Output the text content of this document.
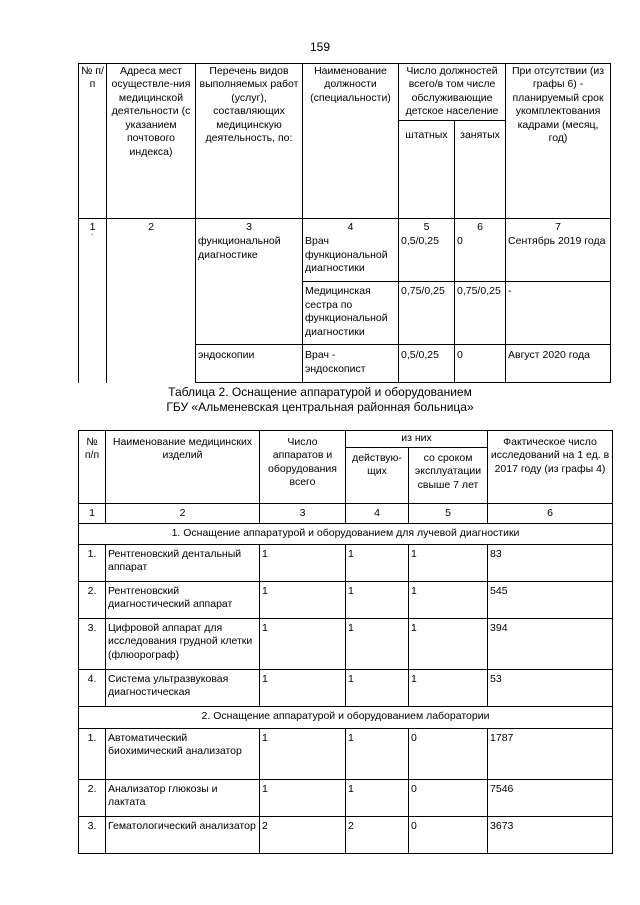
159
№ п/п	Адреса мест осуществле-ния медицинской деятельности (с указанием почтового индекса)	Перечень видов выполняемых работ (услуг), составляющих медицинскую деятельность, по:	Наименование должности (специальности)	Число должностей всего/в том числе обслуживающие детское население		При отсутствии (из графы 6) - планируемый срок укомплектования кадрами (месяц, год)
				штатных	занятых	
1	2	3	4	5	6	7

`		функциональной диагностике	Врач функциональной диагностики	0,5/0,25	0	Сентябрь 2019 года
			Медицинская сестра по функциональной диагностики	0,75/0,25	0,75/0,25	-
		эндоскопии	Врач - эндоскопист	0,5/0,25	0	Август 2020 года
Таблица 2. Оснащение аппаратурой и оборудованием
ГБУ «Альменевская центральная районная больница»
№ п/п	Наименование медицинских изделий	Число аппаратов и оборудования всего	из них		Фактическое число исследований на 1 ед. в 2017 году (из графы 4)
			действую-щих	со сроком эксплуатации свыше 7 лет	
1	2	3	4	5	6
1. Оснащение аппаратурой и оборудованием для лучевой диагностики					
1.	Рентгеновский дентальный аппарат	1	1	1	83
2.	Рентгеновский диагностический аппарат	1	1	1	545
3.	Цифровой аппарат для исследования грудной клетки (флюорограф)	1	1	1	394
4.	Система ультразвуковая диагностическая	1	1	1	53
2. Оснащение аппаратурой и оборудованием лаборатории					
1.	Автоматический биохимический анализатор	1	1	0	1787
2.	Анализатор глюкозы и лактата	1	1	0	7546
3.	Гематологический анализатор	2	2	0	3673
